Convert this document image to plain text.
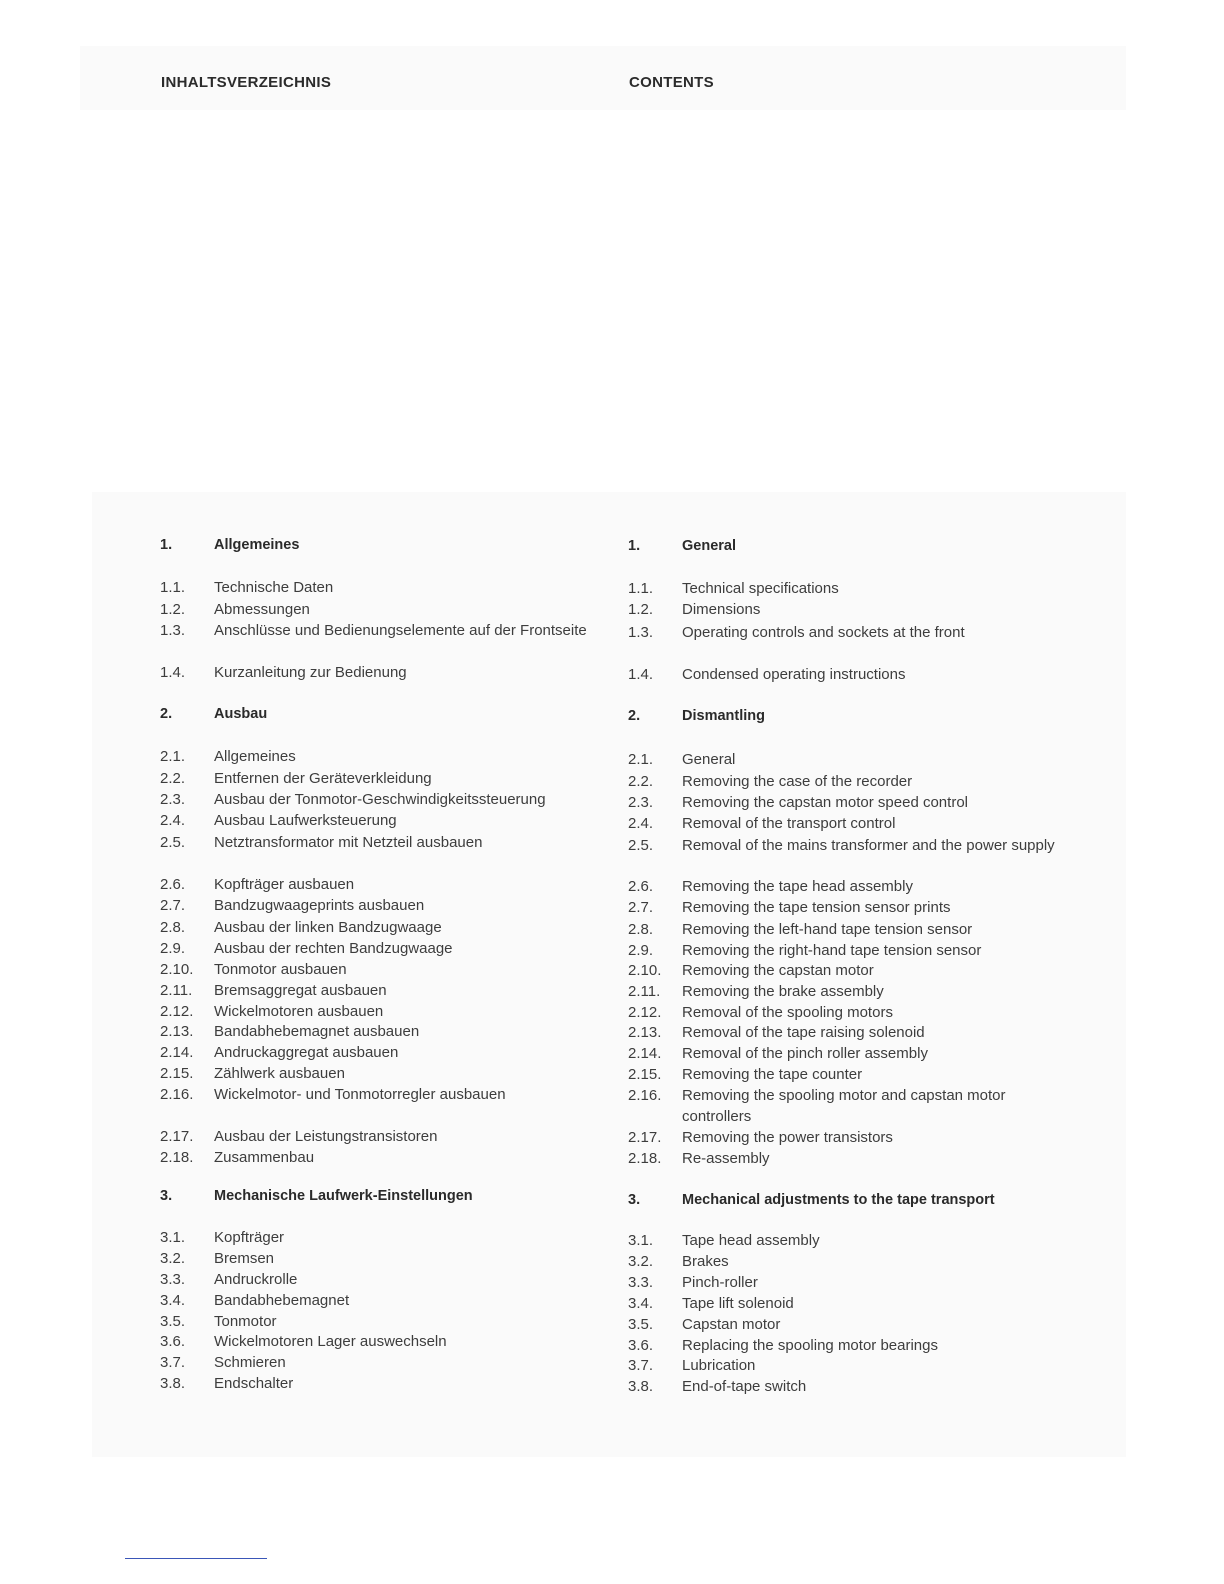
INHALTSVERZEICHNIS	CONTENTS
1.	Allgemeines
1.1.	Technische Daten
1.2.	Abmessungen
1.3.	Anschlüsse und Bedienungselemente auf der Frontseite
1.4.	Kurzanleitung zur Bedienung
2.	Ausbau
2.1.	Allgemeines
2.2.	Entfernen der Geräteverkleidung
2.3.	Ausbau der Tonmotor-Geschwindigkeitssteuerung
2.4.	Ausbau Laufwerksteuerung
2.5.	Netztransformator mit Netzteil ausbauen
2.6.	Kopfträger ausbauen
2.7.	Bandzugwaageprints ausbauen
2.8.	Ausbau der linken Bandzugwaage
2.9.	Ausbau der rechten Bandzugwaage
2.10.	Tonmotor ausbauen
2.11.	Bremsaggregat ausbauen
2.12.	Wickelmotoren ausbauen
2.13.	Bandabhebemagnet ausbauen
2.14.	Andruckaggregat ausbauen
2.15.	Zählwerk ausbauen
2.16.	Wickelmotor- und Tonmotorregler ausbauen
2.17.	Ausbau der Leistungstransistoren
2.18.	Zusammenbau
3.	Mechanische Laufwerk-Einstellungen
3.1.	Kopfträger
3.2.	Bremsen
3.3.	Andruckrolle
3.4.	Bandabhebemagnet
3.5.	Tonmotor
3.6.	Wickelmotoren Lager auswechseln
3.7.	Schmieren
3.8.	Endschalter
1.	General
1.1.	Technical specifications
1.2.	Dimensions
1.3.	Operating controls and sockets at the front
1.4.	Condensed operating instructions
2.	Dismantling
2.1.	General
2.2.	Removing the case of the recorder
2.3.	Removing the capstan motor speed control
2.4.	Removal of the transport control
2.5.	Removal of the mains transformer and the power supply
2.6.	Removing the tape head assembly
2.7.	Removing the tape tension sensor prints
2.8.	Removing the left-hand tape tension sensor
2.9.	Removing the right-hand tape tension sensor
2.10.	Removing the capstan motor
2.11.	Removing the brake assembly
2.12.	Removal of the spooling motors
2.13.	Removal of the tape raising solenoid
2.14.	Removal of the pinch roller assembly
2.15.	Removing the tape counter
2.16.	Removing the spooling motor and capstan motor controllers
2.17.	Removing the power transistors
2.18.	Re-assembly
3.	Mechanical adjustments to the tape transport
3.1.	Tape head assembly
3.2.	Brakes
3.3.	Pinch-roller
3.4.	Tape lift solenoid
3.5.	Capstan motor
3.6.	Replacing the spooling motor bearings
3.7.	Lubrication
3.8.	End-of-tape switch
